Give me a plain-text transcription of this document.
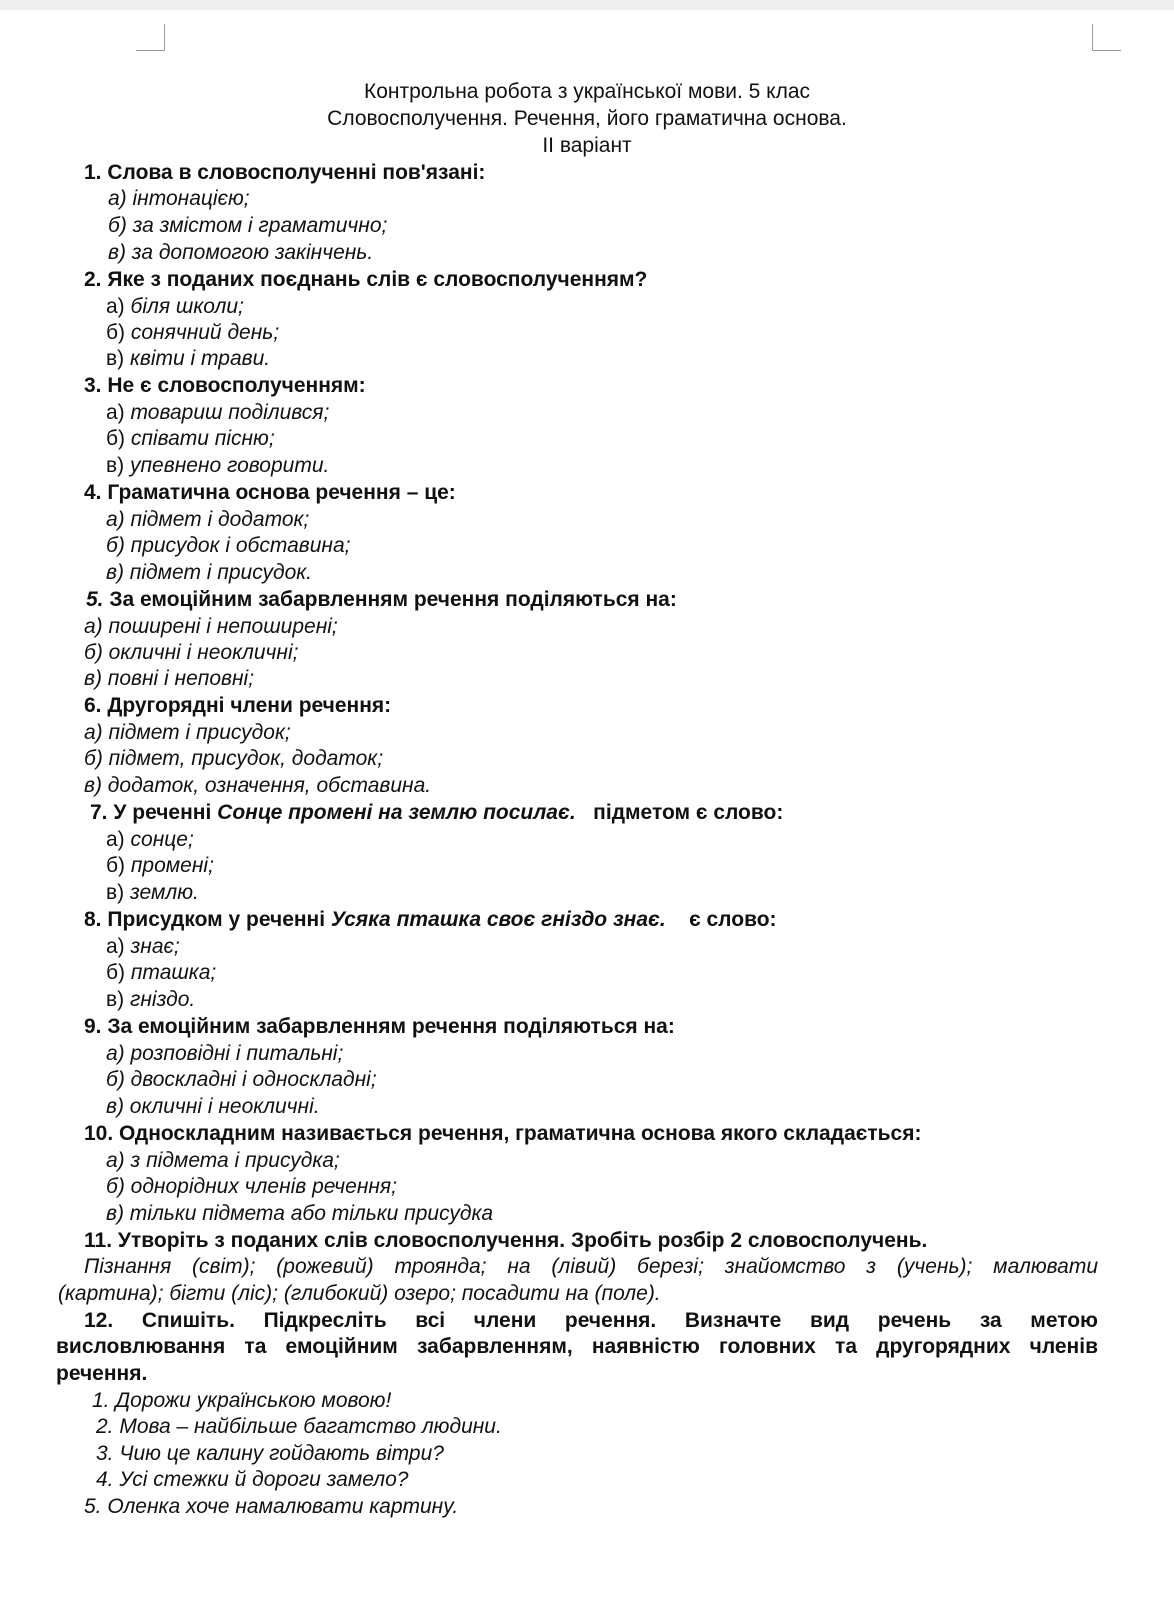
Контрольна робота з української мови. 5 клас
Словосполучення. Речення, його граматична основа.
ІІ варіант
1. Слова в словосполученні пов'язані:
а) інтонацією;
б) за змістом і граматично;
в) за допомогою закінчень.
2. Яке з поданих поєднань слів є словосполученням?
а) біля школи;
б) сонячний день;
в) квіти і трави.
3. Не є словосполученням:
а) товариш поділився;
б) співати пісню;
в) упевнено говорити.
4. Граматична основа речення – це:
а) підмет і додаток;
б) присудок і обставина;
в) підмет і присудок.
5. За емоційним забарвленням речення поділяються на:
а) поширені і непоширені;
б) окличні і неокличні;
в) повні і неповні;
6. Другорядні члени речення:
а) підмет і присудок;
б) підмет, присудок, додаток;
в) додаток, означення, обставина.
7. У реченні Сонце промені на землю посилає. підметом є слово:
а) сонце;
б) промені;
в) землю.
8. Присудком у реченні Усяка пташка своє гніздо знає. є слово:
а) знає;
б) пташка;
в) гніздо.
9. За емоційним забарвленням речення поділяються на:
а) розповідні і питальні;
б) двоскладні і односкладні;
в) окличні і неокличні.
10. Односкладним називається речення, граматична основа якого складається:
а) з підмета і присудка;
б) однорідних членів речення;
в) тільки підмета або тільки присудка
11. Утворіть з поданих слів словосполучення. Зробіть розбір 2 словосполучень.
Пізнання (світ); (рожевий) троянда; на (лівий) березі; знайомство з (учень); малювати
(картина); бігти (ліс); (глибокий) озеро; посадити на (поле).
12. Спишіть. Підкресліть всі члени речення. Визначте вид речень за метою
висловлювання та емоційним забарвленням, наявністю головних та другорядних членів
речення.
1. Дорожи українською мовою!
2. Мова – найбільше багатство людини.
3. Чию це калину гойдають вітри?
4. Усі стежки й дороги замело?
5. Оленка хоче намалювати картину.
